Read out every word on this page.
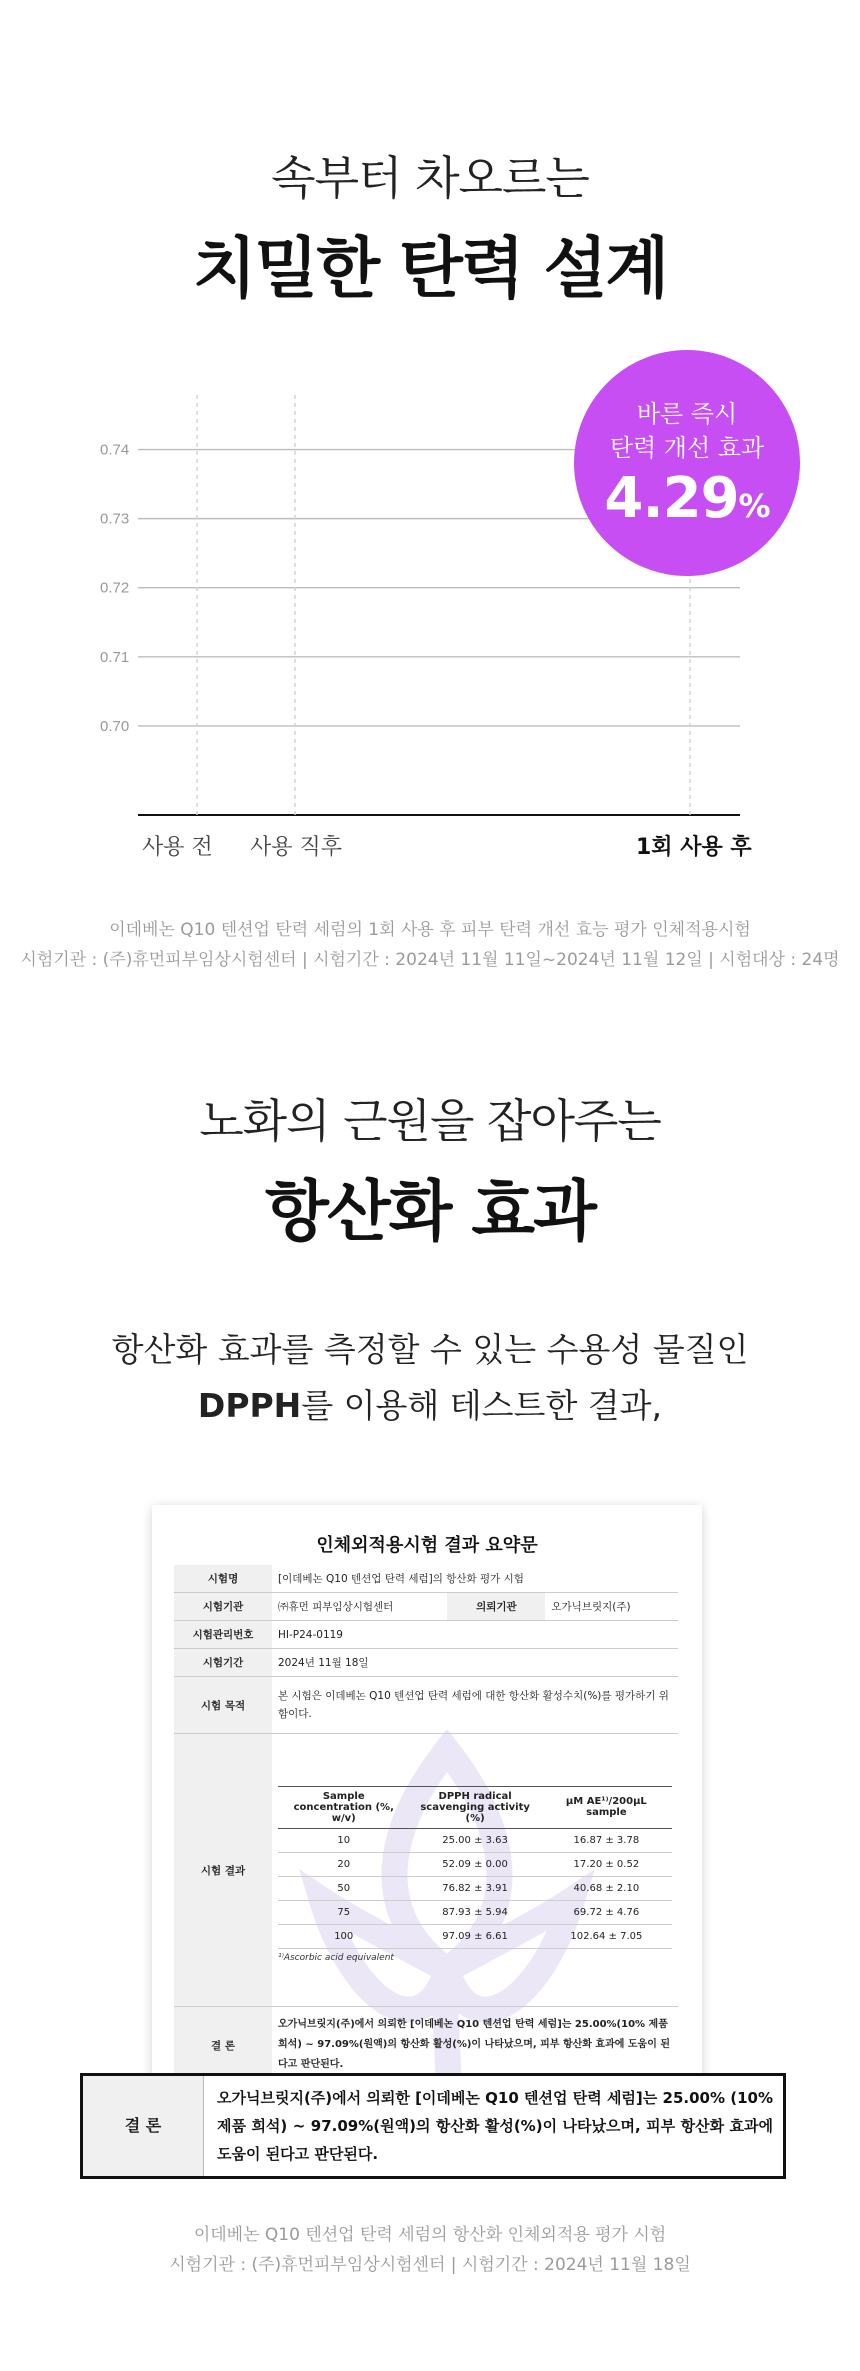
속부터 차오르는
치밀한 탄력 설계
0.74
0.73
0.72
0.71
0.70
사용 전 사용 직후	1회 사용 후
바른 즉시
탄력 개선 효과
4.29%
이데베논 Q10 텐션업 탄력 세럼의 1회 사용 후 피부 탄력 개선 효능 평가 인체적용시험
시험기관 : (주)휴먼피부임상시험센터 | 시험기간 : 2024년 11월 11일~2024년 11월 12일 | 시험대상 : 24명
노화의 근원을 잡아주는
항산화 효과
항산화 효과를 측정할 수 있는 수용성 물질인
DPPH를 이용해 테스트한 결과,
인체외적용시험 결과 요약문
시험명	[이데베논 Q10 텐션업 탄력 세럼]의 항산화 평가 시험
시험기관	㈜휴먼 피부임상시험센터	의뢰기관	오가닉브릿지(주)
시험관리번호	HI-P24-0119
시험기간	2024년 11월 18일
시험 목적	본 시험은 이데베논 Q10 텐션업 탄력 세럼에 대한 항산화 활성수치(%)를 평가하기 위함이다.
시험 결과	
Sample concentration (%, w/v)	DPPH radical scavenging activity (%)	µM AE¹⁾/200µL sample
10	25.00 ± 3.63	16.87 ± 3.78
20	52.09 ± 0.00	17.20 ± 0.52
50	76.82 ± 3.91	40.68 ± 2.10
75	87.93 ± 5.94	69.72 ± 4.76
100	97.09 ± 6.61	102.64 ± 7.05
¹⁾Ascorbic acid equivalent

결 론	오가닉브릿지(주)에서 의뢰한 [이데베논 Q10 텐션업 탄력 세럼]는 25.00%(10% 제품 희석) ~ 97.09%(원액)의 항산화 활성(%)이 나타났으며, 피부 항산화 효과에 도움이 된다고 판단된다.
결 론
오가닉브릿지(주)에서 의뢰한 [이데베논 Q10 텐션업 탄력 세럼]는 25.00% (10% 제품 희석) ~ 97.09%(원액)의 항산화 활성(%)이 나타났으며, 피부 항산화 효과에 도움이 된다고 판단된다.
이데베논 Q10 텐션업 탄력 세럼의 항산화 인체외적용 평가 시험
시험기관 : (주)휴먼피부임상시험센터 | 시험기간 : 2024년 11월 18일
